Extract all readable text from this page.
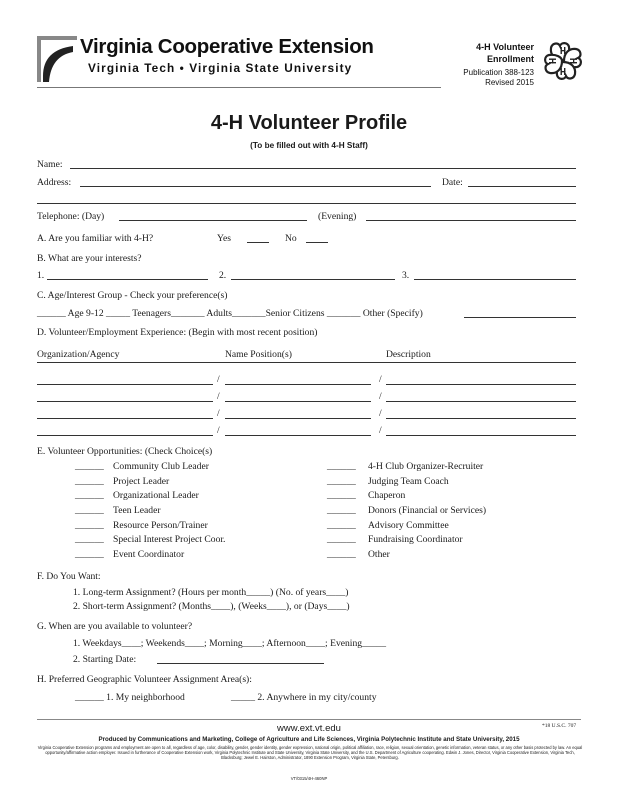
Virginia Cooperative Extension
Virginia Tech • Virginia State University
4-H Volunteer
Enrollment
Publication 388-123
Revised 2015
4-H Volunteer Profile
(To be filled out with 4-H Staff)
Name:
Address:	Date:
Telephone: (Day)	(Evening)
A. Are you familiar with 4-H?	Yes	No
B. What are your interests?
1.	2.	3.
C. Age/Interest Group - Check your preference(s)
______ Age 9-12 _____ Teenagers_______ Adults_______Senior Citizens _______ Other (Specify)
D. Volunteer/Employment Experience: (Begin with most recent position)
Organization/Agency	Name Position(s)	Description
/	/
/	/
/	/
/	/
E. Volunteer Opportunities: (Check Choice(s)
______ Community Club Leader
______ Project Leader
______ Organizational Leader
______ Teen Leader
______ Resource Person/Trainer
______ Special Interest Project Coor.
______ Event Coordinator
______ 4-H Club Organizer-Recruiter
______ Judging Team Coach
______ Chaperon
______ Donors (Financial or Services)
______ Advisory Committee
______ Fundraising Coordinator
______ Other
F. Do You Want:
1. Long-term Assignment? (Hours per month_____) (No. of years____)
2. Short-term Assignment? (Months____), (Weeks____), or (Days____)
G. When are you available to volunteer?
1. Weekdays____; Weekends____; Morning____; Afternoon____; Evening_____
2. Starting Date:
H. Preferred Geographic Volunteer Assignment Area(s):
______ 1. My neighborhood	_____ 2. Anywhere in my city/county
www.ext.vt.edu	*18 U.S.C. 707
Produced by Communications and Marketing, College of Agriculture and Life Sciences, Virginia Polytechnic Institute and State University, 2015
Virginia Cooperative Extension programs and employment are open to all, regardless of age, color, disability, gender, gender identity, gender expression, national origin, political affiliation, race, religion, sexual orientation, genetic information, veteran status, or any other basis protected by law. An equal opportunity/affirmative action employer. Issued in furtherance of Cooperative Extension work, Virginia Polytechnic Institute and State University, Virginia State University, and the U.S. Department of Agriculture cooperating. Edwin J. Jones, Director, Virginia Cooperative Extension, Virginia Tech, Blacksburg; Jewel E. Hairston, Administrator, 1890 Extension Program, Virginia State, Petersburg.
VT/0315/4H-460NP
